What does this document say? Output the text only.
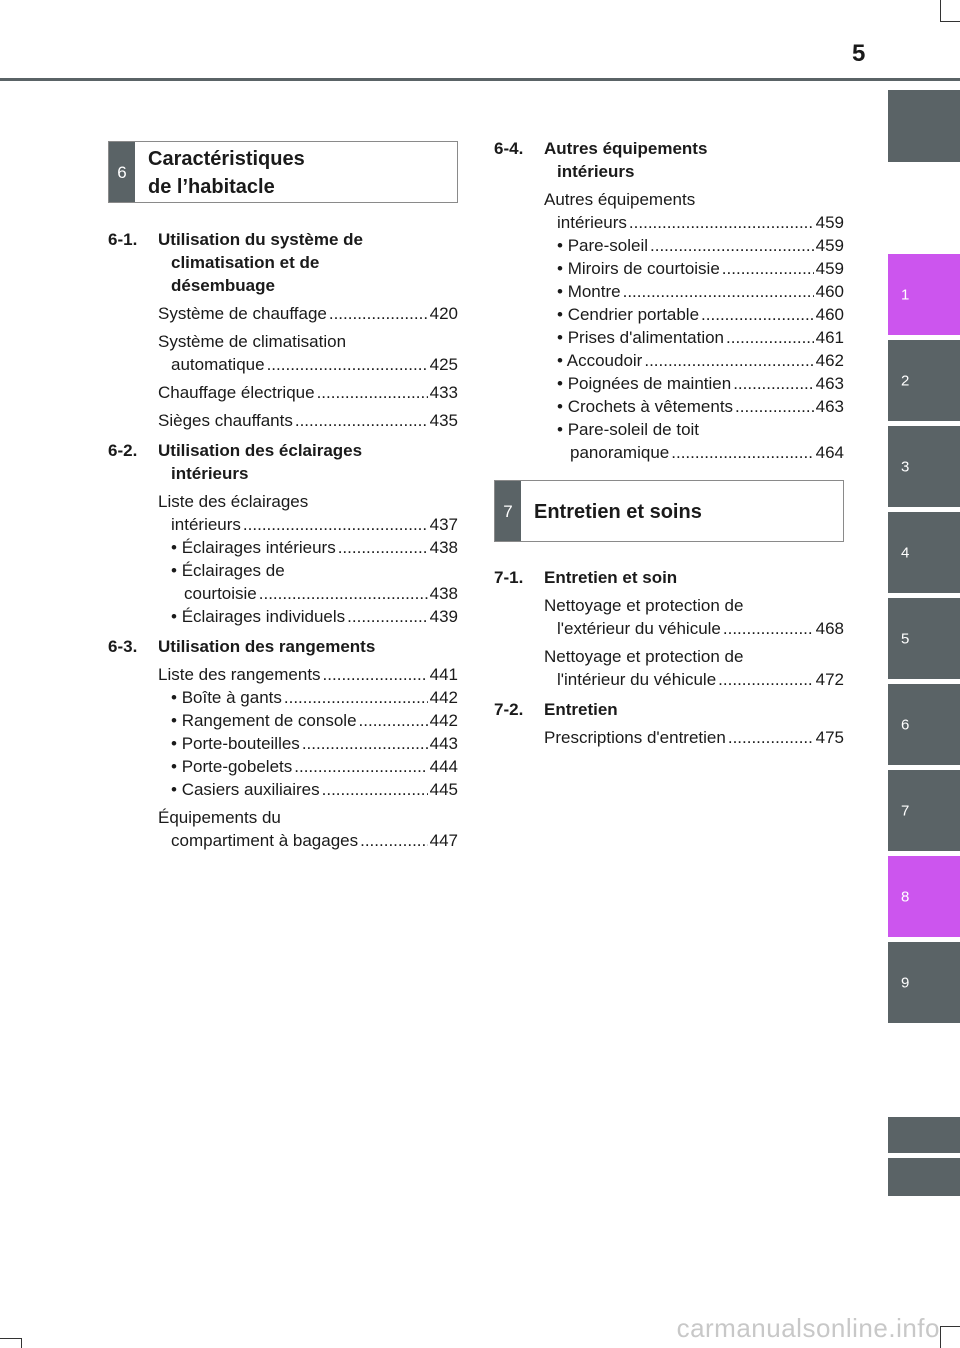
5
1
2
3
4
5
6
7
8
9
6
Caractéristiques
de l’habitacle
6-1.	Utilisation du système de
climatisation et de
désembuage
Système de chauffage .....	420
Système de climatisation
automatique .....	425
Chauffage électrique .....	433
Sièges chauffants .....	435
6-2.	Utilisation des éclairages
intérieurs
Liste des éclairages
intérieurs .....	437
• Éclairages intérieurs .....	438
• Éclairages de
courtoisie .....	438
• Éclairages individuels .....	439
6-3.	Utilisation des rangements
Liste des rangements .....	441
• Boîte à gants .....	442
• Rangement de console .....	442
• Porte-bouteilles .....	443
• Porte-gobelets .....	444
• Casiers auxiliaires .....	445
Équipements du
compartiment à bagages .....	447
6-4.	Autres équipements
intérieurs
Autres équipements
intérieurs .....	459
• Pare-soleil .....	459
• Miroirs de courtoisie .....	459
• Montre .....	460
• Cendrier portable .....	460
• Prises d'alimentation .....	461
• Accoudoir .....	462
• Poignées de maintien .....	463
• Crochets à vêtements .....	463
• Pare-soleil de toit
panoramique .....	464
7	Entretien et soins
7-1.	Entretien et soin
Nettoyage et protection de
l'extérieur du véhicule .....	468
Nettoyage et protection de
l'intérieur du véhicule .....	472
7-2.	Entretien
Prescriptions d'entretien .....	475
carmanualsonline.info
